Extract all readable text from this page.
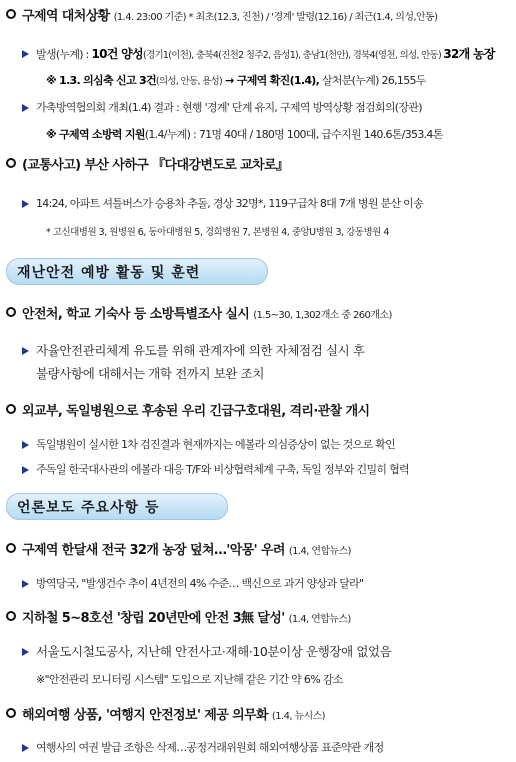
구제역 대처상황 (1.4. 23:00 기준) * 최초(12.3, 진천) / '경계' 발령(12.16) / 최근(1.4, 의성,안동)
발생(누계) : 10건 양성(경기1(이천), 충북4(진천2 청주2, 음성1), 충남1(천안), 경북4(영천, 의성, 안동) 32개 농장
※ 1.3. 의심축 신고 3건(의성, 안동, 용성) → 구제역 확진(1.4), 살처분(누계) 26,155두
가축방역협의회 개최(1.4) 결과 : 현행 '경계' 단계 유지, 구제역 방역상황 점검회의(장관)
※ 구제역 소방력 지원(1.4/누계) : 71명 40대 / 180명 100대, 급수지원 140.6톤/353.4톤
(교통사고) 부산 사하구 『다대강변도로 교차로』
14:24, 아파트 셔틀버스가 승용차 추돌, 경상 32명*, 119구급차 8대 7개 병원 분산 이송
* 고신대병원 3, 원병원 6, 동아대병원 5, 경희병원 7, 본병원 4, 중앙U병원 3, 강동병원 4
재난안전 예방 활동 및 훈련
안전처, 학교 기숙사 등 소방특별조사 실시 (1.5~30, 1,302개소 중 260개소)
자율안전관리체계 유도를 위해 관계자에 의한 자체점검 실시 후
불량사항에 대해서는 개학 전까지 보완 조치
외교부, 독일병원으로 후송된 우리 긴급구호대원, 격리·관찰 개시
독일병원이 실시한 1차 검진결과 현재까지는 에볼라 의심증상이 없는 것으로 확인
주독일 한국대사관의 에볼라 대응 T/F와 비상협력체계 구축, 독일 정부와 긴밀히 협력
언론보도 주요사항 등
구제역 한달새 전국 32개 농장 덮쳐…'악몽' 우려 (1.4, 연합뉴스)
방역당국, "발생건수 추이 4년전의 4% 수준… 백신으로 과거 양상과 달라"
지하철 5~8호선 '창립 20년만에 안전 3無 달성' (1.4, 연합뉴스)
서울도시철도공사, 지난해 안전사고·재해·10분이상 운행장애 없었음
※"안전관리 모니터링 시스템" 도입으로 지난해 같은 기간 약 6% 감소
해외여행 상품, '여행지 안전정보' 제공 의무화 (1.4, 뉴시스)
여행사의 여권 발급 조항은 삭제…공정거래위원회 해외여행상품 표준약관 개정
